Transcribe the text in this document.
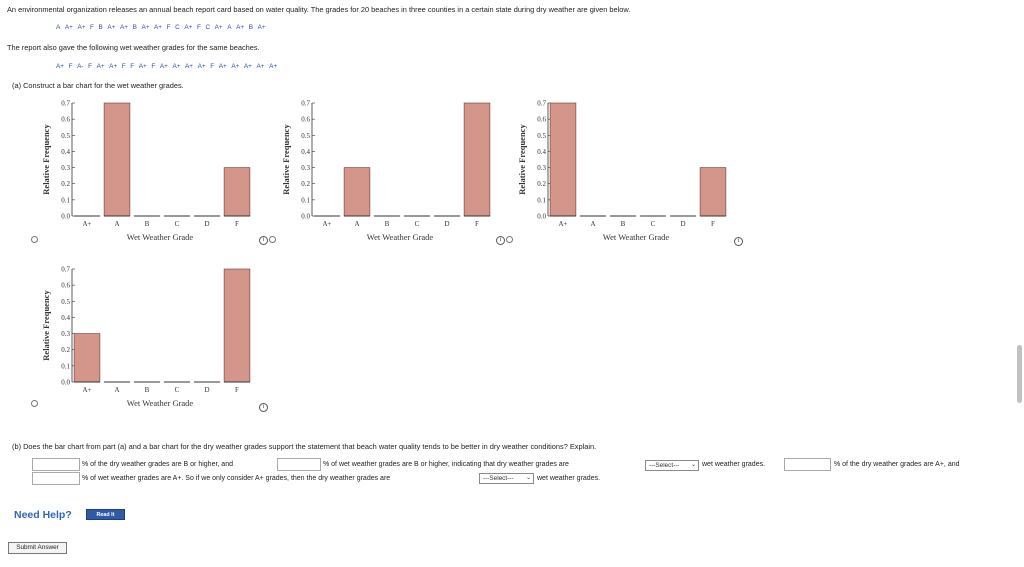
An environmental organization releases an annual beach report card based on water quality. The grades for 20 beaches in three counties in a certain state during dry weather are given below.
A A+ A+ F B A+ A+ B A+ A+ F C A+ F C A+ A A+ B A+
The report also gave the following wet weather grades for the same beaches.
A+ F A- F A+ A+ F F A+ F A+ A+ A+ A+ F A+ A+ A+ A+ A+
(a) Construct a bar chart for the wet weather grades.
0.0
0.1
0.2
0.3
0.4
0.5
0.6
0.7
Relative Frequency
A+	A	B	C	D	F
Wet Weather Grade
0.0
0.1
0.2
0.3
0.4
0.5
0.6
0.7
Relative Frequency
A+	A	B	C	D	F
Wet Weather Grade
0.0
0.1
0.2
0.3
0.4
0.5
0.6
0.7
Relative Frequency
A+	A	B	C	D	F
Wet Weather Grade
0.0
0.1
0.2
0.3
0.4
0.5
0.6
0.7
Relative Frequency
A+	A	B	C	D	F
Wet Weather Grade
i	i	i
i
(b) Does the bar chart from part (a) and a bar chart for the dry weather grades support the statement that beach water quality tends to be better in dry weather conditions? Explain.
% of the dry weather grades are B or higher, and	% of wet weather grades are B or higher, indicating that dry weather grades are	---Select--- ⌄ wet weather grades.	% of the dry weather grades are A+, and
% of wet weather grades are A+. So if we only consider A+ grades, then the dry weather grades are	---Select--- ⌄ wet weather grades.
Need Help?	Read It
Submit Answer
